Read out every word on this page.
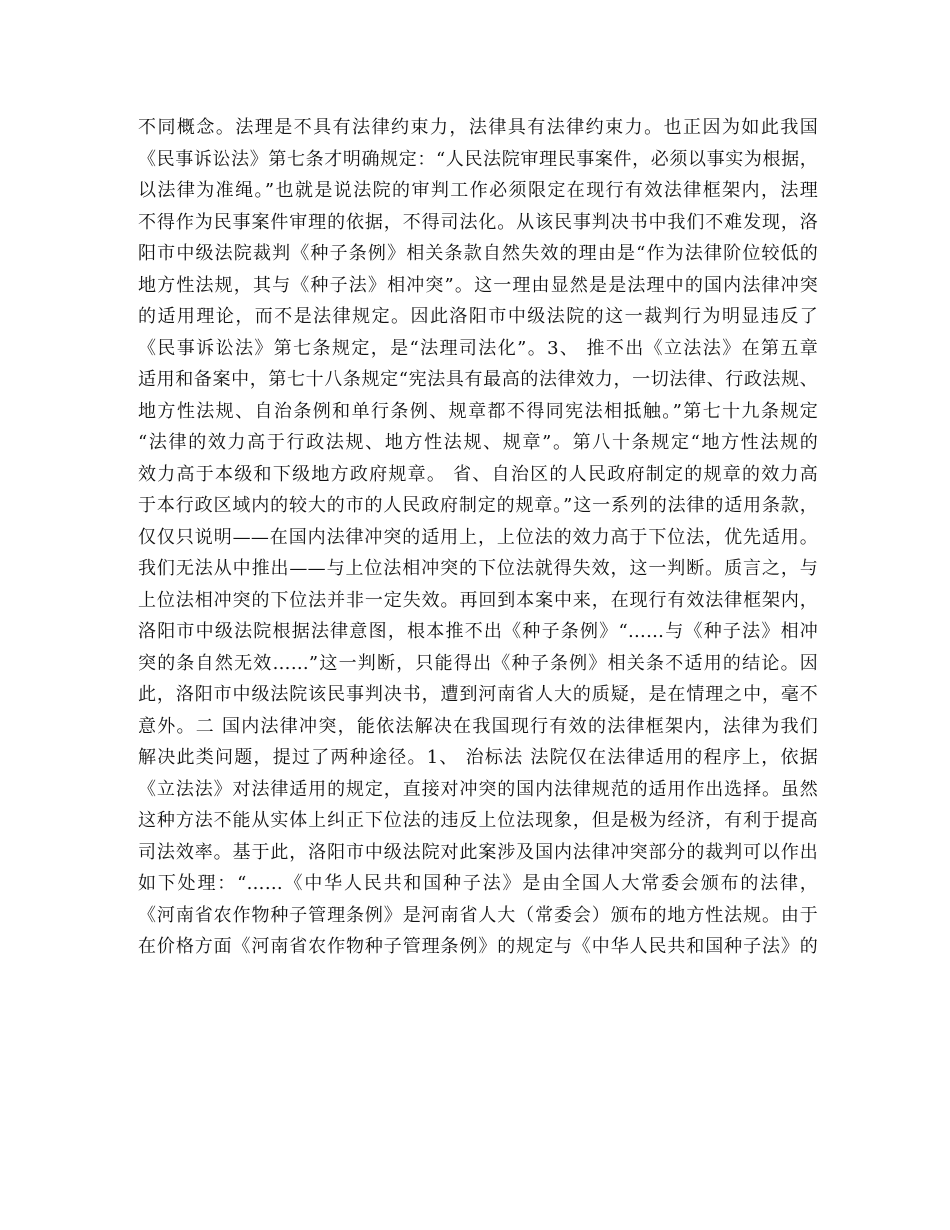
不同概念。法理是不具有法律约束力，法律具有法律约束力。也正因为如此我国
《民事诉讼法》第七条才明确规定：“人民法院审理民事案件，必须以事实为根据，
以法律为准绳。”也就是说法院的审判工作必须限定在现行有效法律框架内，法理
不得作为民事案件审理的依据，不得司法化。从该民事判决书中我们不难发现，洛
阳市中级法院裁判《种子条例》相关条款自然失效的理由是“作为法律阶位较低的
地方性法规，其与《种子法》相冲突”。这一理由显然是是法理中的国内法律冲突
的适用理论，而不是法律规定。因此洛阳市中级法院的这一裁判行为明显违反了
《民事诉讼法》第七条规定，是“法理司法化”。3、 推不出《立法法》在第五章
适用和备案中，第七十八条规定“宪法具有最高的法律效力，一切法律、行政法规、
地方性法规、自治条例和单行条例、规章都不得同宪法相抵触。”第七十九条规定
“法律的效力高于行政法规、地方性法规、规章”。第八十条规定“地方性法规的
效力高于本级和下级地方政府规章。 省、自治区的人民政府制定的规章的效力高
于本行政区域内的较大的市的人民政府制定的规章。”这一系列的法律的适用条款，
仅仅只说明——在国内法律冲突的适用上，上位法的效力高于下位法，优先适用。
我们无法从中推出——与上位法相冲突的下位法就得失效，这一判断。质言之，与
上位法相冲突的下位法并非一定失效。再回到本案中来，在现行有效法律框架内，
洛阳市中级法院根据法律意图，根本推不出《种子条例》“……与《种子法》相冲
突的条自然无效……”这一判断，只能得出《种子条例》相关条不适用的结论。因
此，洛阳市中级法院该民事判决书，遭到河南省人大的质疑，是在情理之中，毫不
意外。二 国内法律冲突，能依法解决在我国现行有效的法律框架内，法律为我们
解决此类问题，提过了两种途径。1、 治标法 法院仅在法律适用的程序上，依据
《立法法》对法律适用的规定，直接对冲突的国内法律规范的适用作出选择。虽然
这种方法不能从实体上纠正下位法的违反上位法现象，但是极为经济，有利于提高
司法效率。基于此，洛阳市中级法院对此案涉及国内法律冲突部分的裁判可以作出
如下处理：“……《中华人民共和国种子法》是由全国人大常委会颁布的法律，
《河南省农作物种子管理条例》是河南省人大（常委会）颁布的地方性法规。由于
在价格方面《河南省农作物种子管理条例》的规定与《中华人民共和国种子法》的
